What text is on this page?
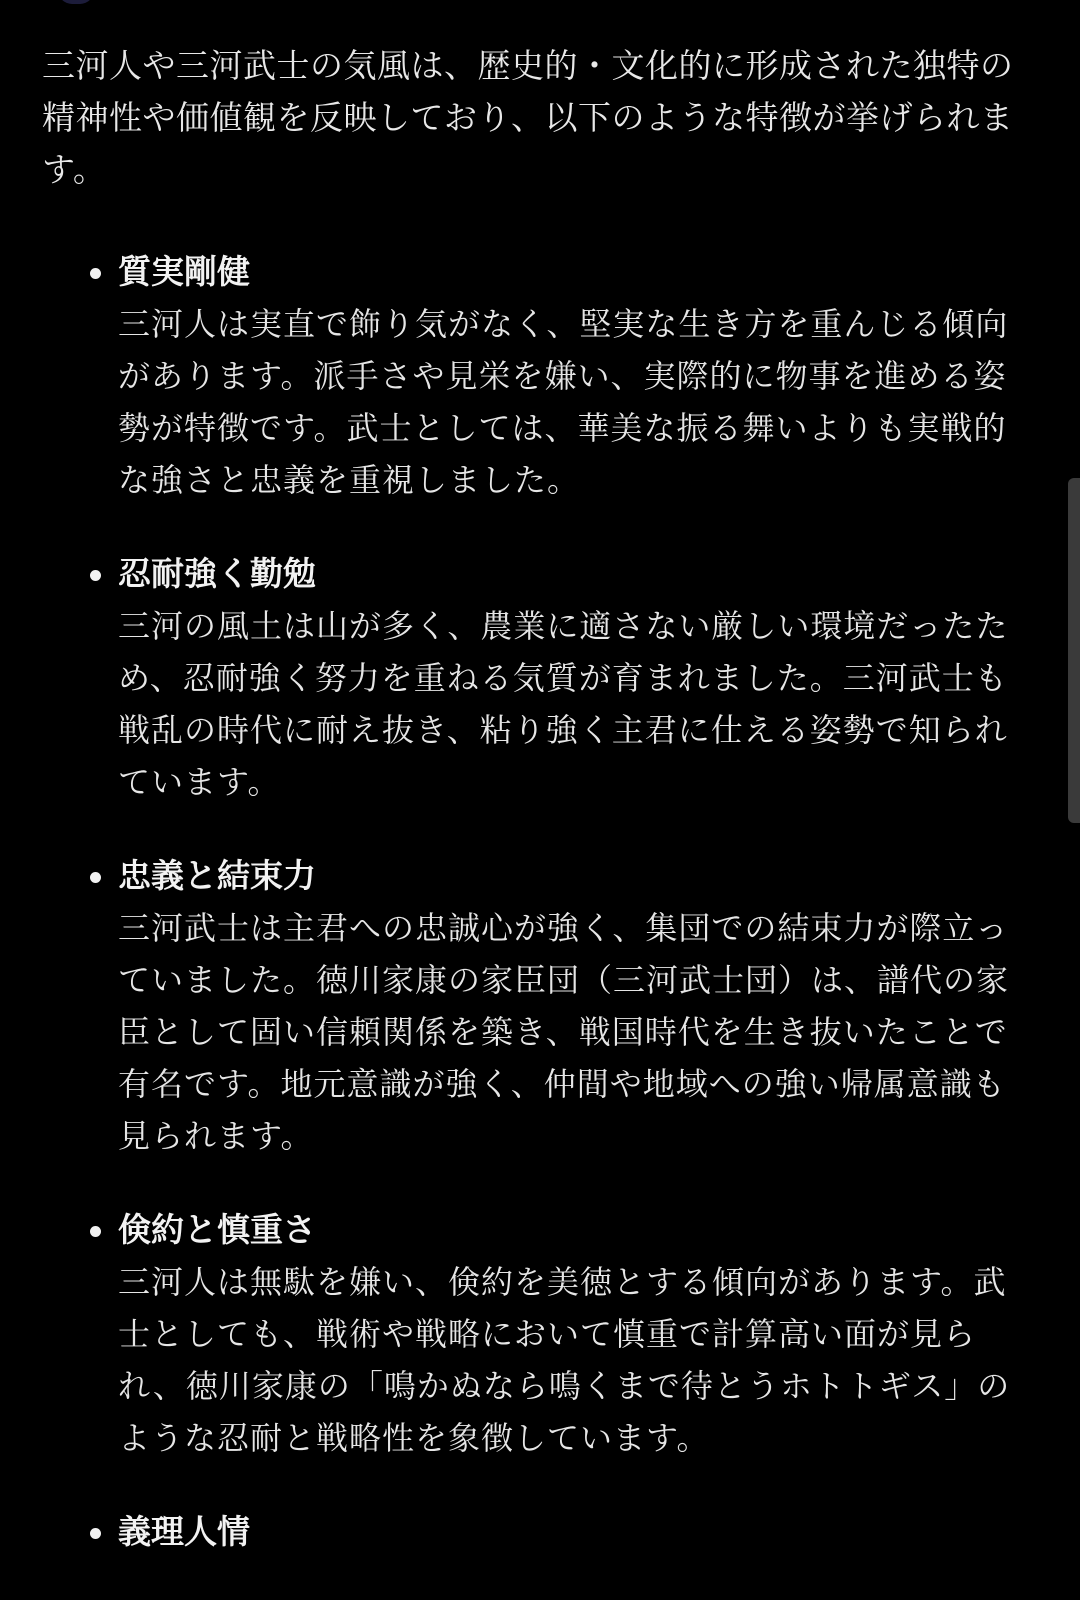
三河人や三河武士の気風は、歴史的・文化的に形成された独特の精神性や価値観を反映しており、以下のような特徴が挙げられます。

質実剛健
三河人は実直で飾り気がなく、堅実な生き方を重んじる傾向があります。派手さや見栄を嫌い、実際的に物事を進める姿勢が特徴です。武士としては、華美な振る舞いよりも実戦的な強さと忠義を重視しました。
忍耐強く勤勉
三河の風土は山が多く、農業に適さない厳しい環境だったため、忍耐強く努力を重ねる気質が育まれました。三河武士も戦乱の時代に耐え抜き、粘り強く主君に仕える姿勢で知られています。
忠義と結束力
三河武士は主君への忠誠心が強く、集団での結束力が際立っていました。徳川家康の家臣団（三河武士団）は、譜代の家臣として固い信頼関係を築き、戦国時代を生き抜いたことで有名です。地元意識が強く、仲間や地域への強い帰属意識も見られます。
倹約と慎重さ
三河人は無駄を嫌い、倹約を美徳とする傾向があります。武士としても、戦術や戦略において慎重で計算高い面が見られ、徳川家康の「鳴かぬなら鳴くまで待とうホトトギス」のような忍耐と戦略性を象徴しています。
義理人情
